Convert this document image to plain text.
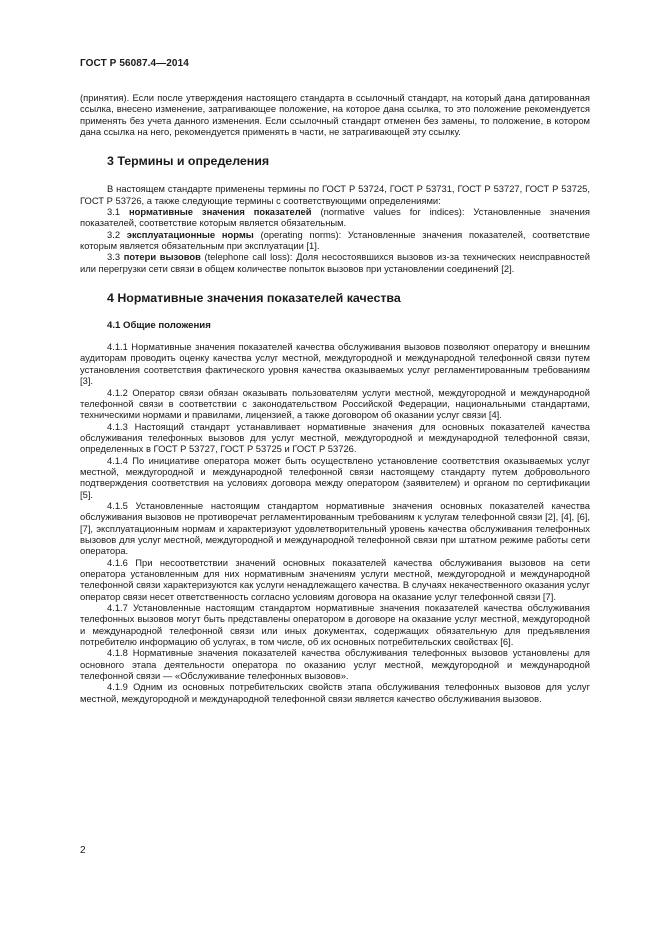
ГОСТ Р 56087.4—2014

(принятия). Если после утверждения настоящего стандарта в ссылочный стандарт, на который дана датированная ссылка, внесено изменение, затрагивающее положение, на которое дана ссылка, то это положение рекомендуется применять без учета данного изменения. Если ссылочный стандарт отменен без замены, то положение, в котором дана ссылка на него, рекомендуется применять в части, не затрагивающей эту ссылку.

3 Термины и определения

В настоящем стандарте применены термины по ГОСТ Р 53724, ГОСТ Р 53731, ГОСТ Р 53727, ГОСТ Р 53725, ГОСТ Р 53726, а также следующие термины с соответствующими определениями:

3.1 нормативные значения показателей (normative values for indices): Установленные значения показателей, соответствие которым является обязательным.

3.2 эксплуатационные нормы (operating norms): Установленные значения показателей, соответствие которым является обязательным при эксплуатации [1].

3.3 потери вызовов (telephone call loss): Доля несостоявшихся вызовов из-за технических неисправностей или перегрузки сети связи в общем количестве попыток вызовов при установлении соединений [2].

4 Нормативные значения показателей качества
4.1 Общие положения

4.1.1 Нормативные значения показателей качества обслуживания вызовов позволяют оператору и внешним аудиторам проводить оценку качества услуг местной, междугородной и международной телефонной связи путем установления соответствия фактического уровня качества оказываемых услуг регламентированным требованиям [3].

4.1.2 Оператор связи обязан оказывать пользователям услуги местной, междугородной и международной телефонной связи в соответствии с законодательством Российской Федерации, национальными стандартами, техническими нормами и правилами, лицензией, а также договором об оказании услуг связи [4].

4.1.3 Настоящий стандарт устанавливает нормативные значения для основных показателей качества обслуживания телефонных вызовов для услуг местной, междугородной и международной телефонной связи, определенных в ГОСТ Р 53727, ГОСТ Р 53725 и ГОСТ Р 53726.

4.1.4 По инициативе оператора может быть осуществлено установление соответствия оказываемых услуг местной, междугородной и международной телефонной связи настоящему стандарту путем добровольного подтверждения соответствия на условиях договора между оператором (заявителем) и органом по сертификации [5].

4.1.5 Установленные настоящим стандартом нормативные значения основных показателей качества обслуживания вызовов не противоречат регламентированным требованиям к услугам телефонной связи [2], [4], [6], [7], эксплуатационным нормам и характеризуют удовлетворительный уровень качества обслуживания телефонных вызовов для услуг местной, междугородной и международной телефонной связи при штатном режиме работы сети оператора.

4.1.6 При несоответствии значений основных показателей качества обслуживания вызовов на сети оператора установленным для них нормативным значениям услуги местной, междугородной и международной телефонной связи характеризуются как услуги ненадлежащего качества. В случаях некачественного оказания услуг оператор связи несет ответственность согласно условиям договора на оказание услуг телефонной связи [7].

4.1.7 Установленные настоящим стандартом нормативные значения показателей качества обслуживания телефонных вызовов могут быть представлены оператором в договоре на оказание услуг местной, междугородной и международной телефонной связи или иных документах, содержащих обязательную для предъявления потребителю информацию об услугах, в том числе, об их основных потребительских свойствах [6].

4.1.8 Нормативные значения показателей качества обслуживания телефонных вызовов установлены для основного этапа деятельности оператора по оказанию услуг местной, междугородной и международной телефонной связи — «Обслуживание телефонных вызовов».

4.1.9 Одним из основных потребительских свойств этапа обслуживания телефонных вызовов для услуг местной, междугородной и международной телефонной связи является качество обслуживания вызовов.

2
